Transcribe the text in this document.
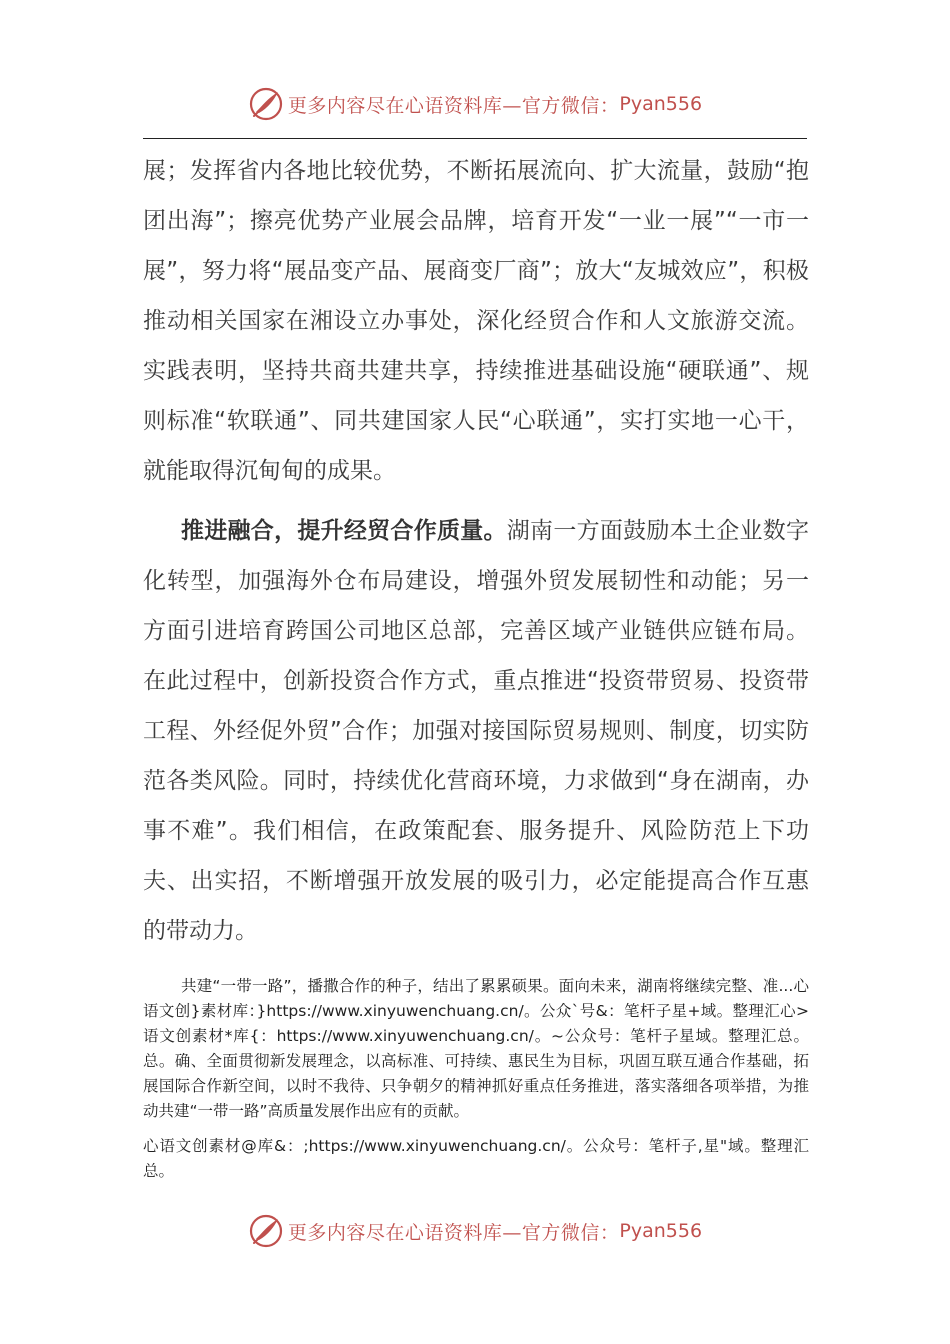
更多内容尽在心语资料库—官方微信： Pyan556

展；发挥省内各地比较优势，不断拓展流向、扩大流量，鼓励“抱团出海”；擦亮优势产业展会品牌，培育开发“一业一展”“一市一展”，努力将“展品变产品、展商变厂商”；放大“友城效应”，积极推动相关国家在湘设立办事处，深化经贸合作和人文旅游交流。实践表明，坚持共商共建共享，持续推进基础设施“硬联通”、规则标准“软联通”、同共建国家人民“心联通”，实打实地一心干，就能取得沉甸甸的成果。

推进融合，提升经贸合作质量。湖南一方面鼓励本土企业数字化转型，加强海外仓布局建设，增强外贸发展韧性和动能；另一方面引进培育跨国公司地区总部，完善区域产业链供应链布局。在此过程中，创新投资合作方式，重点推进“投资带贸易、投资带工程、外经促外贸”合作；加强对接国际贸易规则、制度，切实防范各类风险。同时，持续优化营商环境，力求做到“身在湖南，办事不难”。我们相信，在政策配套、服务提升、风险防范上下功夫、出实招，不断增强开放发展的吸引力，必定能提高合作互惠的带动力。

共建“一带一路”，播撒合作的种子，结出了累累硕果。面向未来，湖南将继续完整、准...心语文创}素材库：}https://www.xinyuwenchuang.cn/。公众`号&：笔杆子星+域。整理汇心>语文创素材*库{：https://www.xinyuwenchuang.cn/。~公众号：笔杆子星域。整理汇总。总。确、全面贯彻新发展理念，以高标准、可持续、惠民生为目标，巩固互联互通合作基础，拓展国际合作新空间，以时不我待、只争朝夕的精神抓好重点任务推进，落实落细各项举措，为推动共建“一带一路”高质量发展作出应有的贡献。

心语文创素材@库&：;https://www.xinyuwenchuang.cn/。公众号：笔杆子,星"域。整理汇总。

更多内容尽在心语资料库—官方微信： Pyan556
